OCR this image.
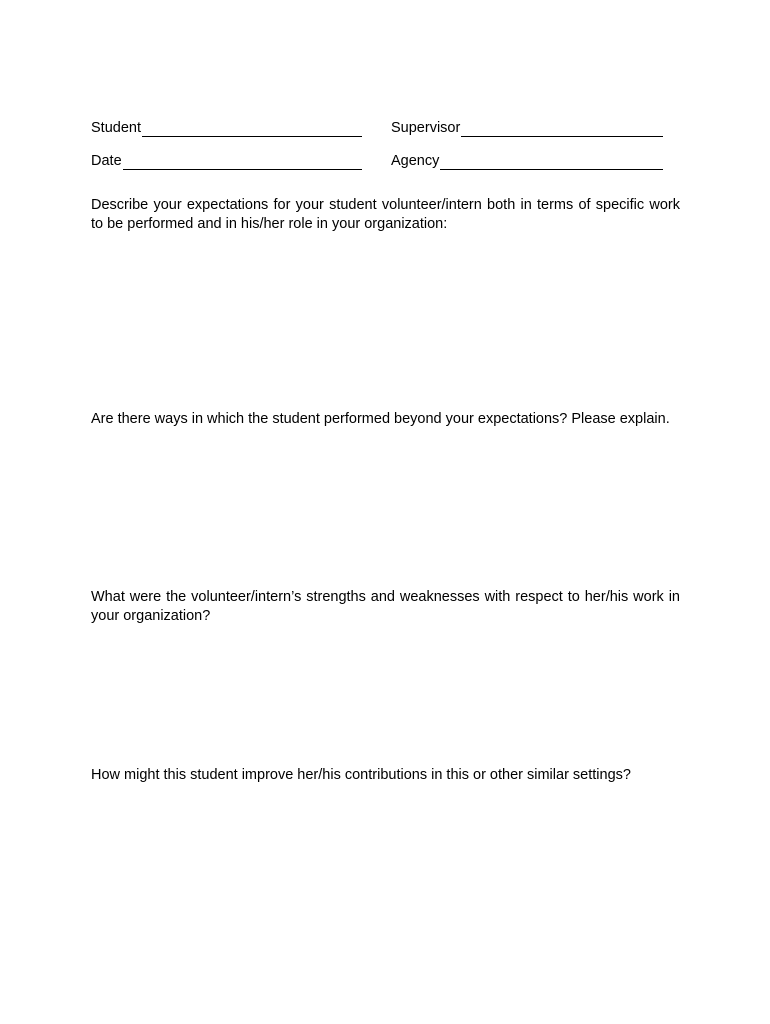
Student	Supervisor
Date	Agency

Describe your expectations for your student volunteer/intern both in terms of specific work to be performed and in his/her role in your organization:

Are there ways in which the student performed beyond your expectations? Please explain.

What were the volunteer/intern’s strengths and weaknesses with respect to her/his work in your organization?

How might this student improve her/his contributions in this or other similar settings?
